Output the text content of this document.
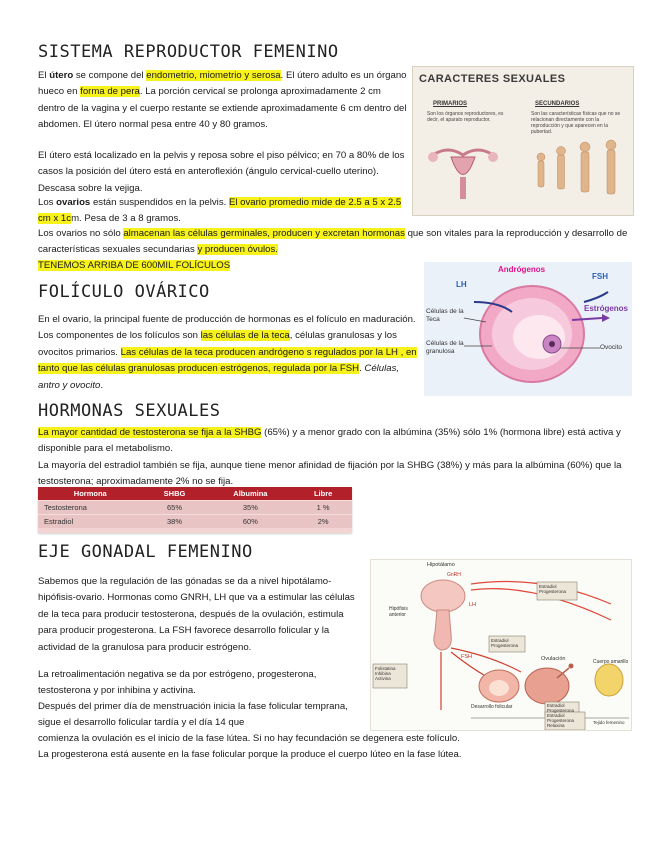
SISTEMA REPRODUCTOR FEMENINO
El útero se compone del endometrio, miometrio y serosa. El útero adulto es un órgano hueco en forma de pera. La porción cervical se prolonga aproximadamente 2 cm dentro de la vagina y el cuerpo restante se extiende aproximadamente 6 cm dentro del abdomen. El útero normal pesa entre 40 y 80 gramos.
El útero está localizado en la pelvis y reposa sobre el piso pélvico; en 70 a 80% de los casos la posición del útero está en anteroflexión (ángulo cervical-cuello uterino). Descasa sobre la vejiga.
Los ovarios están suspendidos en la pelvis. El ovario promedio mide de 2.5 a 5 x 2.5 cm x 1cm. Pesa de 3 a 8 gramos.
Los ovarios no sólo almacenan las células germinales, producen y excretan hormonas que son vitales para la reproducción y desarrollo de características sexuales secundarias y producen óvulos.
TENEMOS ARRIBA DE 600MIL FOLÍCULOS
CARACTERES SEXUALES
PRIMARIOS
Son los órganos reproductores, es decir, el aparato reproductor.
SECUNDARIOS
Son las características físicas que no se relacionan directamente con la reproducción y que aparecen en la pubertad.
FOLÍCULO OVÁRICO
En el ovario, la principal fuente de producción de hormonas es el folículo en maduración. Los componentes de los folículos son las células de la teca, células granulosas y los ovocitos primarios. Las células de la teca producen andrógeno s regulados por la LH , en tanto que las células granulosas producen estrógenos, regulada por la FSH. Células, antro y ovocito.
Andrógenos
LH
FSH
Estrógenos
Células de la Teca
Células de la granulosa
Ovocito
HORMONAS SEXUALES
La mayor cantidad de testosterona se fija a la SHBG (65%) y a menor grado con la albúmina (35%) sólo 1% (hormona libre) está activa y disponible para el metabolismo.
La mayoría del estradiol también se fija, aunque tiene menor afinidad de fijación por la SHBG (38%) y más para la albúmina (60%) que la testosterona; aproximadamente 2% no se fija.
Hormona	SHBG	Albumina	Libre
Testosterona	65%	35%	1 %
Estradiol	38%	60%	2%
EJE GONADAL FEMENINO
Sabemos que la regulación de las gónadas se da a nivel hipotálamo-hipófisis-ovario. Hormonas como GNRH, LH que va a estimular las células de la teca para producir testosterona, después de la ovulación, estimula para producir progesterona. La FSH favorece desarrollo folicular y la actividad de la granulosa para producir estrógeno.
La retroalimentación negativa se da por estrógeno, progesterona, testosterona y por inhibina y activina.
Después del primer día de menstruación inicia la fase folicular temprana, sigue el desarrollo folicular tardía y el día 14 que
comienza la ovulación es el inicio de la fase lútea. Si no hay fecundación se degenera este folículo.
La progesterona está ausente en la fase folicular porque la produce el cuerpo lúteo en la fase lútea.
Hipotálamo
GnRH
Hipófisis anterior
LH
FSH
Estradiol Progesterona
Estradiol Progesterona
Folistatina Inhibina Activina
Estradiol Progesterona
Estradiol Progesterona Relaxina
Ovulación
Desarrollo folicular
Cuerpo amarillo
Tejido femenino
